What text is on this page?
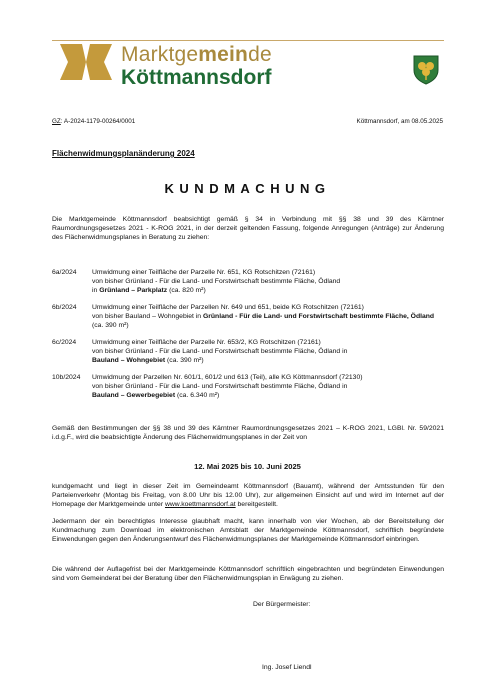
Marktgemeinde
Köttmannsdorf
GZ: A-2024-1179-00264/0001	Köttmannsdorf, am 08.05.2025
Flächenwidmungsplanänderung 2024
KUNDMACHUNG
Die Marktgemeinde Köttmannsdorf beabsichtigt gemäß § 34 in Verbindung mit §§ 38 und 39 des Kärntner Raumordnungsgesetzes 2021 - K-ROG 2021, in der derzeit geltenden Fassung, folgende Anregungen (Anträge) zur Änderung des Flächenwidmungsplanes in Beratung zu ziehen:
6a/2024	Umwidmung einer Teilfläche der Parzelle Nr. 651, KG Rotschitzen (72161)
von bisher Grünland - Für die Land- und Forstwirtschaft bestimmte Fläche, Ödland
in Grünland – Parkplatz (ca. 820 m²)
6b/2024	Umwidmung einer Teilfläche der Parzellen Nr. 649 und 651, beide KG Rotschitzen (72161)
von bisher Bauland – Wohngebiet in Grünland - Für die Land- und Forstwirtschaft bestimmte Fläche, Ödland (ca. 390 m²)
6c/2024	Umwidmung einer Teilfläche der Parzelle Nr. 653/2, KG Rotschitzen (72161)
von bisher Grünland - Für die Land- und Forstwirtschaft bestimmte Fläche, Ödland in
Bauland – Wohngebiet (ca. 390 m²)
10b/2024	Umwidmung der Parzellen Nr. 601/1, 601/2 und 613 (Teil), alle KG Köttmannsdorf (72130)
von bisher Grünland - Für die Land- und Forstwirtschaft bestimmte Fläche, Ödland in
Bauland – Gewerbegebiet (ca. 6.340 m²)
Gemäß den Bestimmungen der §§ 38 und 39 des Kärntner Raumordnungsgesetzes 2021 – K-ROG 2021, LGBl. Nr. 59/2021 i.d.g.F., wird die beabsichtigte Änderung des Flächenwidmungsplanes in der Zeit von
12. Mai 2025 bis 10. Juni 2025
kundgemacht und liegt in dieser Zeit im Gemeindeamt Köttmannsdorf (Bauamt), während der Amtsstunden für den Parteienverkehr (Montag bis Freitag, von 8.00 Uhr bis 12.00 Uhr), zur allgemeinen Einsicht auf und wird im Internet auf der Homepage der Marktgemeinde unter www.koettmannsdorf.at bereitgestellt.
Jedermann der ein berechtigtes Interesse glaubhaft macht, kann innerhalb von vier Wochen, ab der Bereitstellung der Kundmachung zum Download im elektronischen Amtsblatt der Marktgemeinde Köttmannsdorf, schriftlich begründete Einwendungen gegen den Änderungsentwurf des Flächenwidmungsplanes der Marktgemeinde Köttmannsdorf einbringen.
Die während der Auflagefrist bei der Marktgemeinde Köttmannsdorf schriftlich eingebrachten und begründeten Einwendungen sind vom Gemeinderat bei der Beratung über den Flächenwidmungsplan in Erwägung zu ziehen.
Der Bürgermeister:
Ing. Josef Liendl
